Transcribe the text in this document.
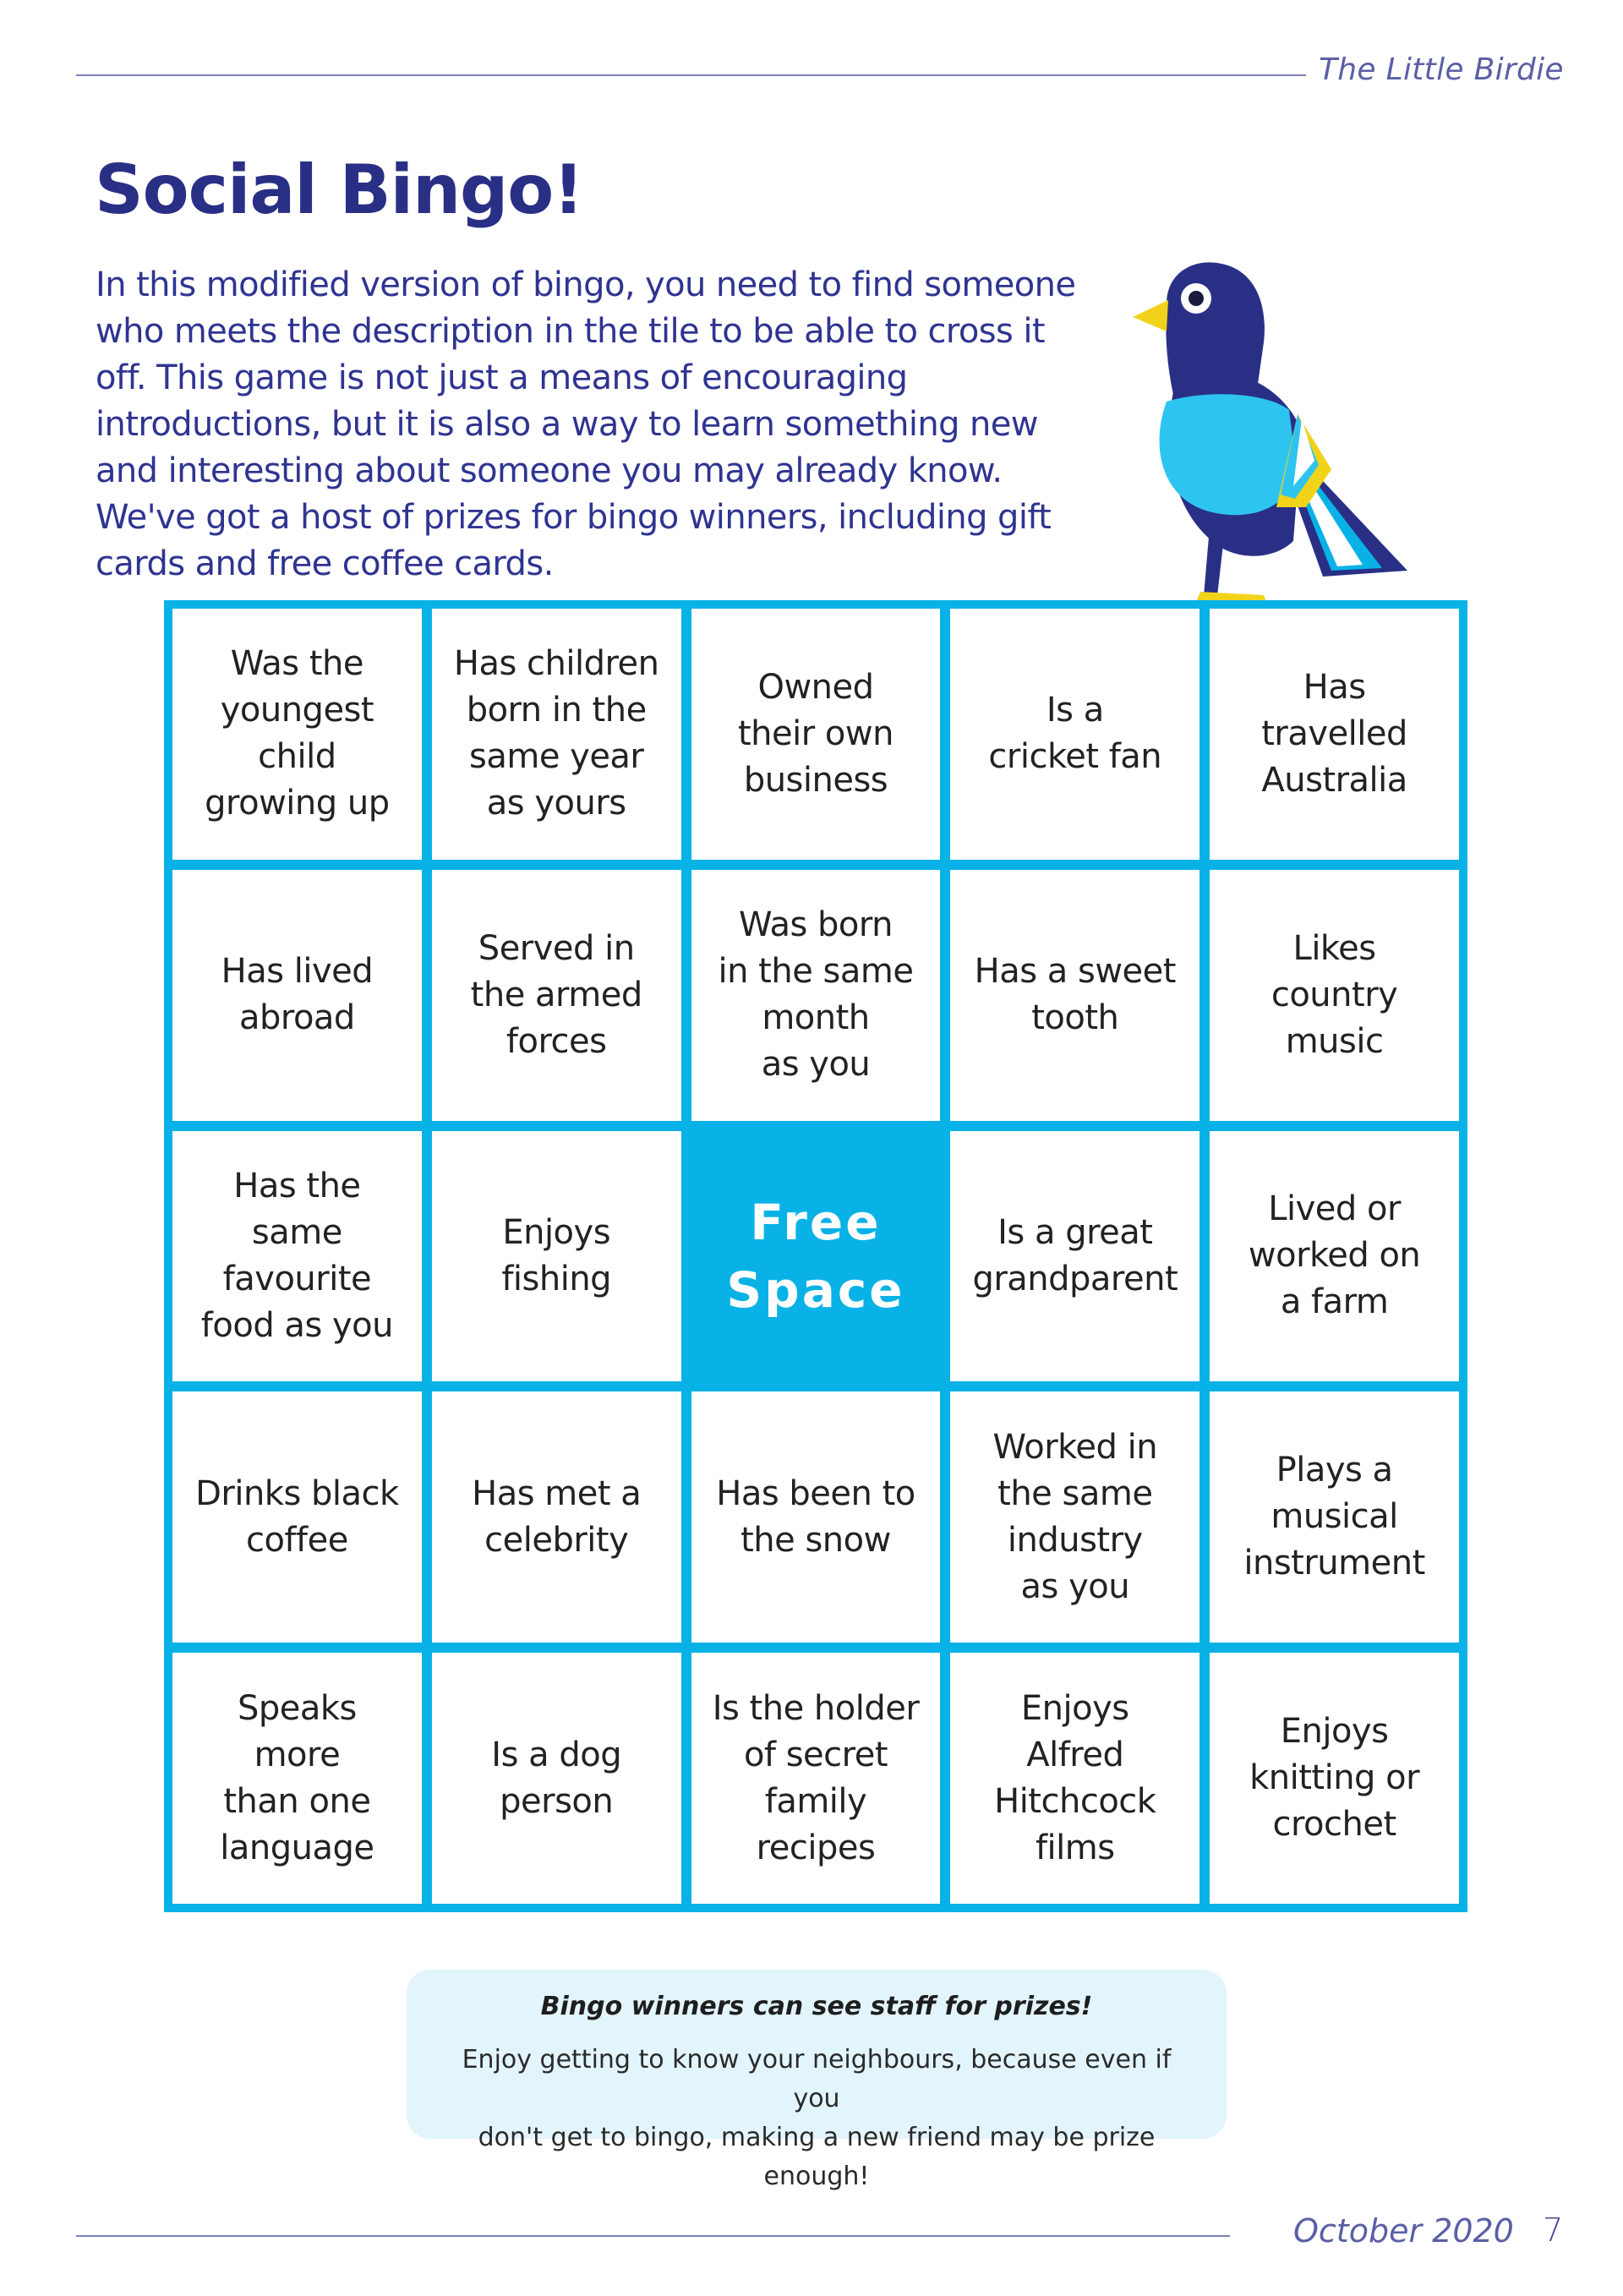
The Little Birdie
Social Bingo!

In this modified version of bingo, you need to find someone who meets the description in the tile to be able to cross it off. This game is not just a means of encouraging introductions, but it is also a way to learn something new and interesting about someone you may already know. We've got a host of prizes for bingo winners, including gift cards and free coffee cards.

Was the
youngest child
growing up
Has children
born in the
same year
as yours
Owned
their own
business
Is a
cricket fan
Has
travelled
Australia
Has lived
abroad
Served in
the armed
forces
Was born
in the same
month
as you
Has a sweet
tooth
Likes
country
music
Has the
same
favourite
food as you
Enjoys
fishing
Free
Space
Is a great
grandparent
Lived or
worked on
a farm
Drinks black
coffee
Has met a
celebrity
Has been to
the snow
Worked in
the same
industry
as you
Plays a
musical
instrument
Speaks
more
than one
language
Is a dog
person
Is the holder
of secret
family
recipes
Enjoys
Alfred
Hitchcock
films
Enjoys
knitting or
crochet
Bingo winners can see staff for prizes!
Enjoy getting to know your neighbours, because even if you
don't get to bingo, making a new friend may be prize enough!
October 2020 7
